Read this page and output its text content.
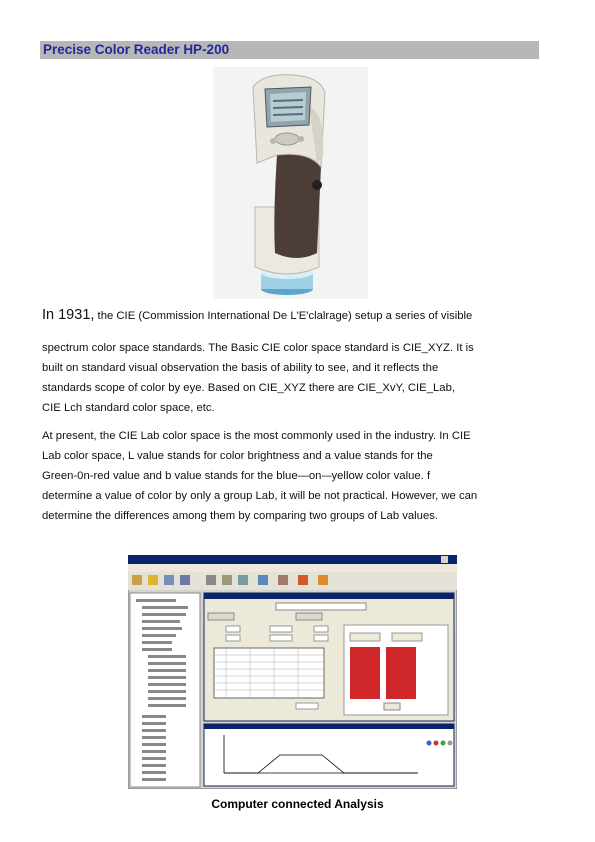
Precise Color Reader HP-200
In 1931, the CIE (Commission International De L'E'clalrage) setup a series of visible
spectrum color space standards. The Basic CIE color space standard is CIE_XYZ. It is
built on standard visual observation the basis of ability to see, and it reflects the
standards scope of color by eye. Based on CIE_XYZ there are CIE_XvY, CIE_Lab,
CIE Lch standard color space, etc.
At present, the CIE Lab color space is the most commonly used in the industry. In CIE
Lab color space, L value stands for color brightness and a value stands for the
Green-0n-red value and b value stands for the blue—on-–yellow color value. f
determine a value of color by only a group Lab, it will be not practical. However, we can
determine the differences among them by comparing two groups of Lab values.
Computer connected Analysis
